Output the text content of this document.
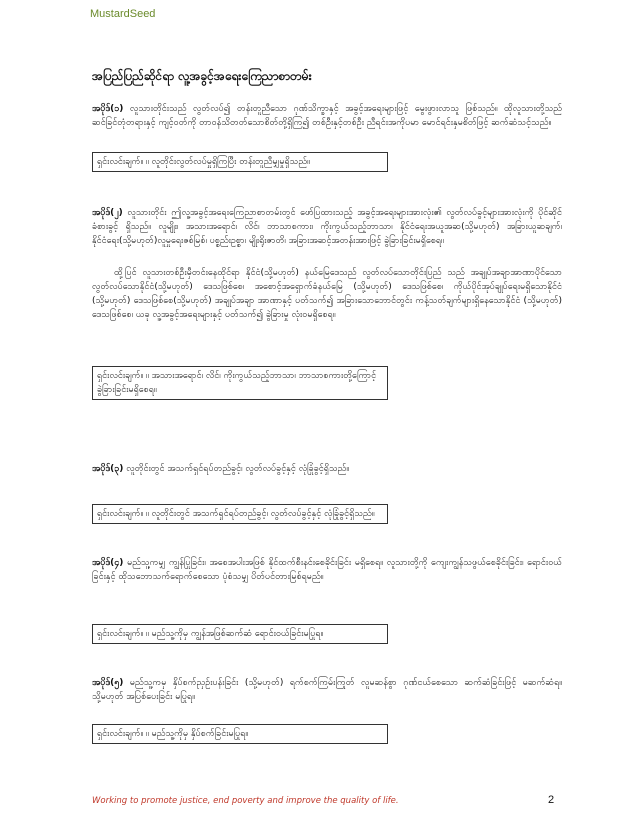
MustardSeed
အပြည်ပြည်ဆိုင်ရာ လူ့အခွင့်အရေးကြေညာစာတမ်း

အပိုဒ်(၁) လူသားတိုင်းသည် လွတ်လပ်၍ တန်းတူညီသော ဂုဏ်သိက္ခာနှင့် အခွင့်အရေးများဖြင့် မွေးဖွားလာသူ ဖြစ်သည်။ ထိုလူသားတို့သည် ဆင်ခြင်တုံတရားနှင့် ကျင့်ဝတ်ကို တာဝန်သိတတ်သောစိတ်တို့ရှိကြ၍ တစ်ဦးနှင့်တစ်ဦး ညီရင်းအကိုပမာ မောင်ရင်းနှမစိတ်ဖြင့် ဆက်ဆံသင့်သည်။

ရှင်းလင်းချက်။ ။ လူတိုင်းလွတ်လပ်မှုရှိကြပြီး တန်းတူညီမျှမှုရှိသည်။

အပိုဒ်(၂) လူသားတိုင်း ဤလူ့အခွင့်အရေးကြေညာစာတမ်းတွင် ဖော်ပြထားသည့် အခွင့်အရေးများအားလုံး၏ လွတ်လပ်ခွင့်များအားလုံးကို ပိုင်ဆိုင်ခံစားခွင့် ရှိသည်။ လူမျိုး၊ အသားအရောင်၊ လိင်၊ ဘာသာစကား၊ ကိုးကွယ်သည့်ဘာသာ၊ နိုင်ငံရေးအယူအဆ(သို့မဟုတ်) အခြားယူဆချက်၊ နိုင်ငံရေး(သို့မဟုတ်)လူမှုရေးဇစ်မြစ်၊ ပစ္စည်းဥစ္စာ၊ မျိုးရိုးဇာတိ၊ အခြားအဆင့်အတန်းအားဖြင့် ခွဲခြားခြင်းမရှိစေရ။

ထို့ပြင် လူသားတစ်ဦးမှီတင်းနေထိုင်ရာ နိုင်ငံ(သို့မဟုတ်) နယ်မြေဒေသည် လွတ်လပ်သောတိုင်းပြည် သည် အချုပ်အချာအာဏာပိုင်သော လွတ်လပ်သောနိုင်ငံ(သို့မဟုတ်) ဒေသဖြစ်စေ၊ အစောင့်အရှောက်ခံနယ်မြေ (သို့မဟုတ်) ဒေသဖြစ်စေ၊ ကိုယ်ပိုင်အုပ်ချုပ်ရေးမရှိသောနိုင်ငံ (သို့မဟုတ်) ဒေသဖြစ်စေ(သို့မဟုတ်) အချုပ်အချာ အာဏာနှင့် ပတ်သက်၍ အခြားသောဘောင်တွင်း ကန့်သတ်ချက်များရှိနေသောနိုင်ငံ (သို့မဟုတ်) ဒေသဖြစ်စေ၊ ယခု လူ့အခွင့်အရေးများနှင့် ပတ်သက်၍ ခွဲခြားမှု လုံးဝမရှိစေရ။

ရှင်းလင်းချက်။ ။ အသားအရောင်၊ လိင်၊ ကိုးကွယ်သည့်ဘာသာ၊ ဘာသာစကားတို့ကြောင့် ခွဲခြားခြင်းမရှိစေရ။

အပိုဒ်(၃) လူတိုင်းတွင် အသက်ရှင်ရပ်တည်ခွင့်၊ လွတ်လပ်ခွင့်နှင့် လုံခြုံခွင့်ရှိသည်။

ရှင်းလင်းချက်။ ။ လူတိုင်းတွင် အသက်ရှင်ရပ်တည်ခွင့်၊ လွတ်လပ်ခွင့်နှင့် လုံခြုံခွင့်ရှိသည်။

အပိုဒ်(၄) မည်သူ့ကမျှ ကျွန်ပြုခြင်း၊ အစေအပါးအဖြစ် နိုင်ထက်စီးနင်းစေခိုင်းခြင်း မရှိစေရ။ လူသားတို့ကို ကျေးကျွန်သဖွယ်စေခိုင်းခြင်း၊ ရောင်းဝယ်ခြင်းနှင့် ထိုသဘောသက်ရောက်စေသော ပုံစံသမျှ ပိတ်ပင်တားမြစ်ရမည်။

ရှင်းလင်းချက်။ ။ မည်သူ့ကိုမှ ကျွန်အဖြစ်ဆက်ဆံ ရောင်းဝယ်ခြင်းမပြုရ။

အပိုဒ်(၅) မည်သူ့ကမှ နှိပ်စက်ညှဉ်းပန်းခြင်း (သို့မဟုတ်) ရက်စက်ကြမ်းကြုတ် လူမဆန်စွာ ဂုဏ်ငယ်စေသော ဆက်ဆံခြင်းဖြင့် မဆက်ဆံရ။ သို့မဟုတ် အပြစ်ပေးခြင်း မပြုရ။

ရှင်းလင်းချက်။ ။ မည်သူ့ကိုမှ နှိပ်စက်ခြင်းမပြုရ။
Working to promote justice, end poverty and improve the quality of life.	2
